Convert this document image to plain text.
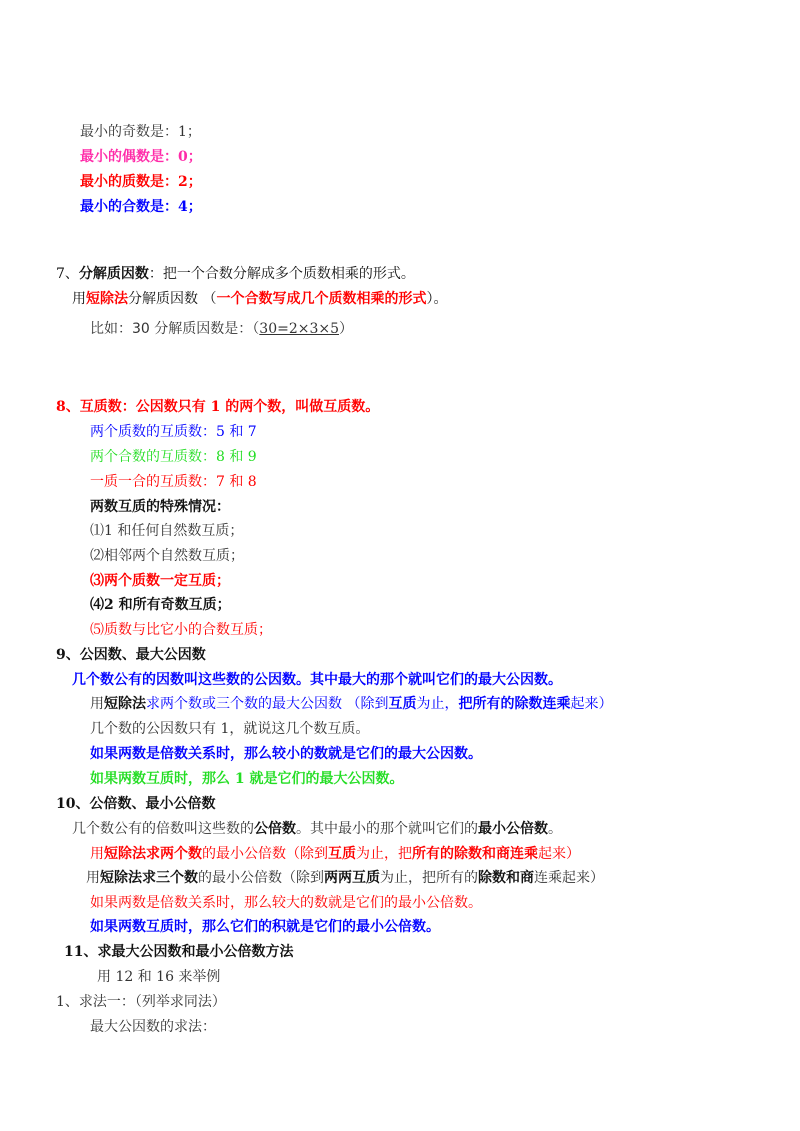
最小的奇数是：1；
最小的偶数是：0；
最小的质数是：2；
最小的合数是：4；
7、分解质因数：把一个合数分解成多个质数相乘的形式。
用短除法分解质因数 （一个合数写成几个质数相乘的形式）。
比如：30 分解质因数是：（30=2×3×5）
8、互质数：公因数只有 1 的两个数，叫做互质数。
两个质数的互质数：5 和 7
两个合数的互质数：8 和 9
一质一合的互质数：7 和 8
两数互质的特殊情况：
⑴1 和任何自然数互质；
⑵相邻两个自然数互质；
⑶两个质数一定互质；
⑷2 和所有奇数互质；
⑸质数与比它小的合数互质；
9、公因数、最大公因数
几个数公有的因数叫这些数的公因数。其中最大的那个就叫它们的最大公因数。
用短除法求两个数或三个数的最大公因数 （除到互质为止，把所有的除数连乘起来）
几个数的公因数只有 1，就说这几个数互质。
如果两数是倍数关系时，那么较小的数就是它们的最大公因数。
如果两数互质时，那么 1 就是它们的最大公因数。
10、公倍数、最小公倍数
几个数公有的倍数叫这些数的公倍数。其中最小的那个就叫它们的最小公倍数。
用短除法求两个数的最小公倍数（除到互质为止，把所有的除数和商连乘起来）
用短除法求三个数的最小公倍数（除到两两互质为止，把所有的除数和商连乘起来）
如果两数是倍数关系时，那么较大的数就是它们的最小公倍数。
如果两数互质时，那么它们的积就是它们的最小公倍数。
11、求最大公因数和最小公倍数方法
用 12 和 16 来举例
1、求法一：（列举求同法）
最大公因数的求法：
